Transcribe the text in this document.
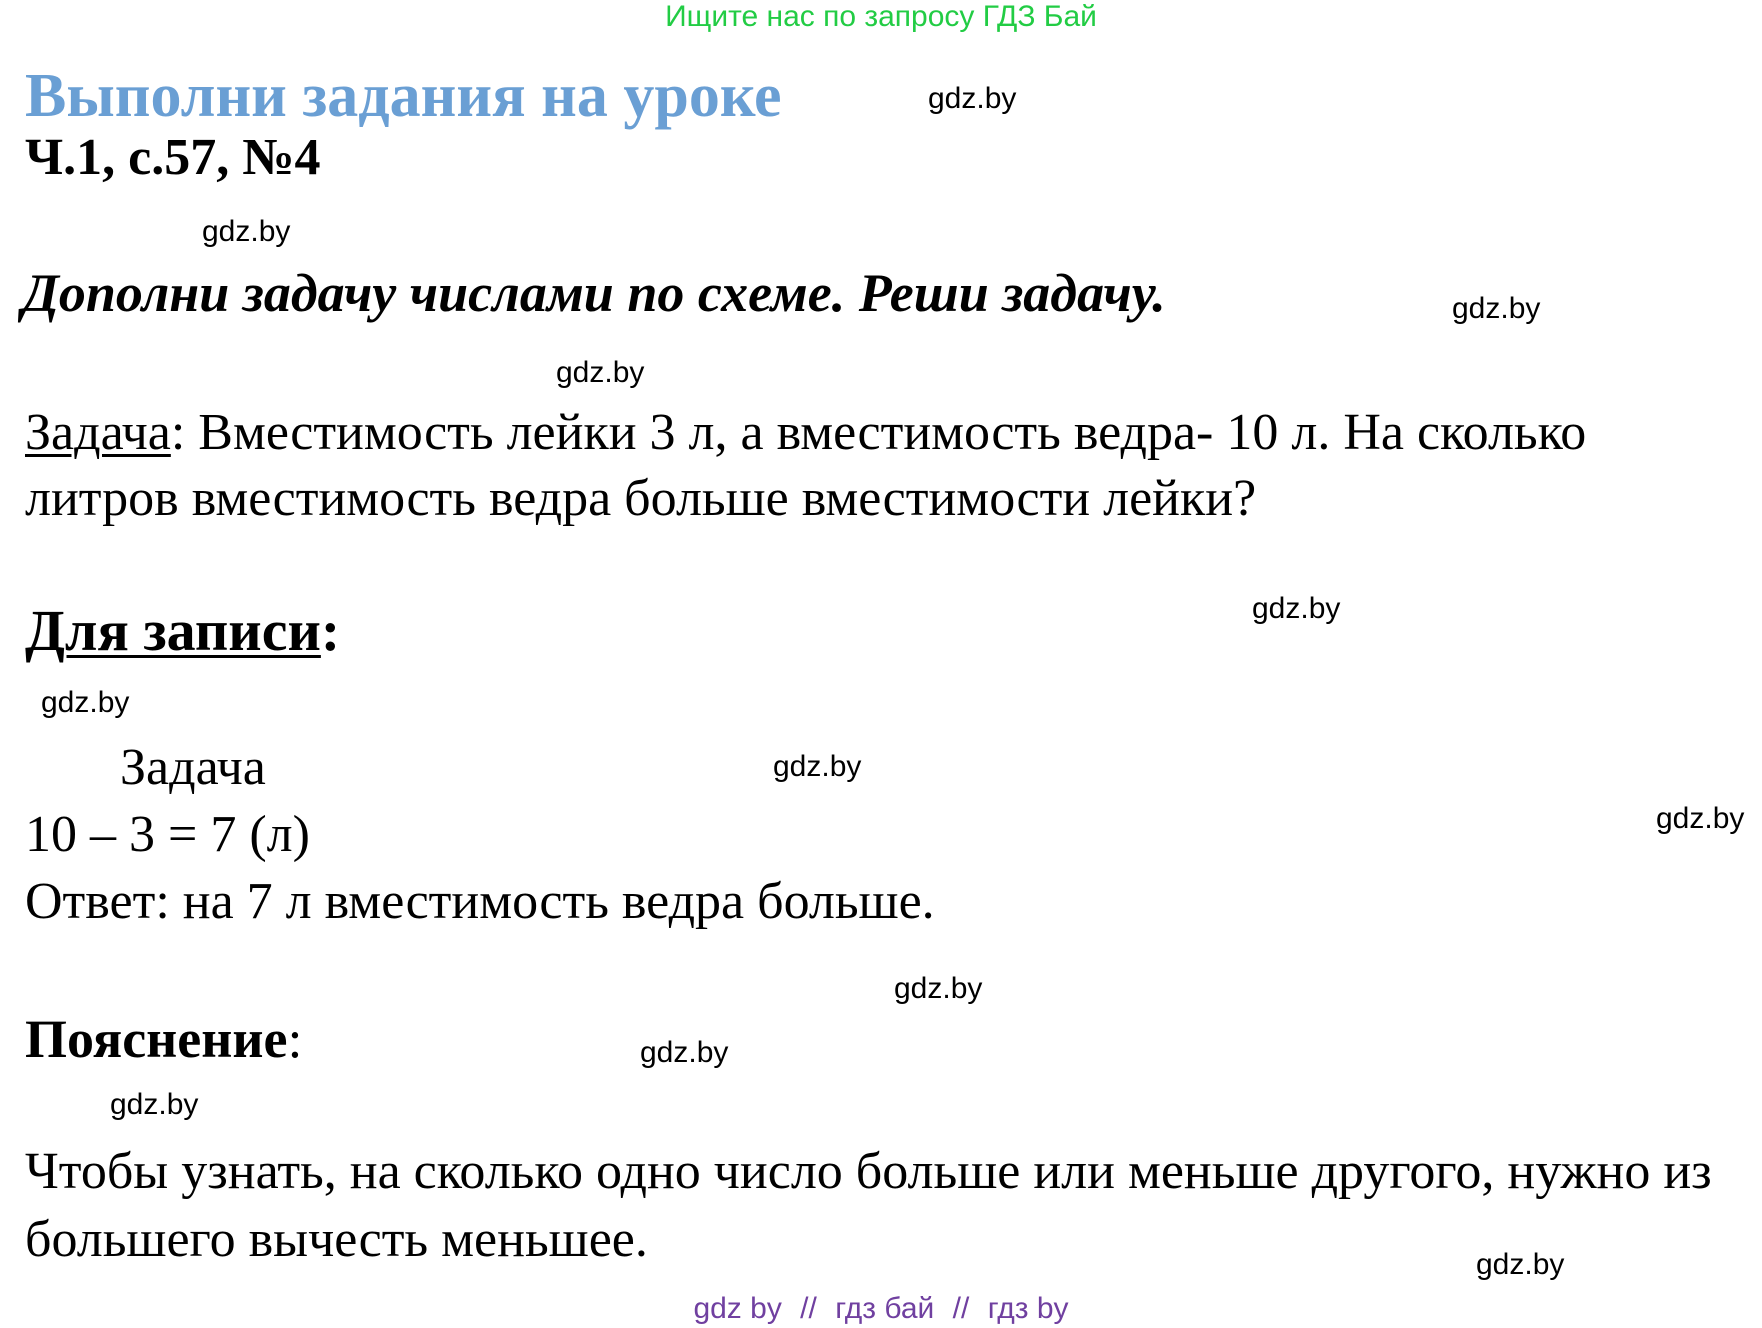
Ищите нас по запросу ГДЗ Бай
Выполни задания на уроке
Ч.1, с.57, №4
Дополни задачу числами по схеме. Реши задачу.
Задача: Вместимость лейки 3 л, а вместимость ведра- 10 л. На сколько литров вместимость ведра больше вместимости лейки?
Для записи:
Задача
10 – 3 = 7 (л)
Ответ: на 7 л вместимость ведра больше.
Пояснение:
Чтобы узнать, на сколько одно число больше или меньше другого, нужно из большего вычесть меньшее.
gdz.by
gdz.by
gdz.by
gdz.by
gdz.by
gdz.by
gdz.by
gdz.by
gdz.by
gdz.by
gdz.by
gdz.by
gdz by // гдз бай // гдз by
